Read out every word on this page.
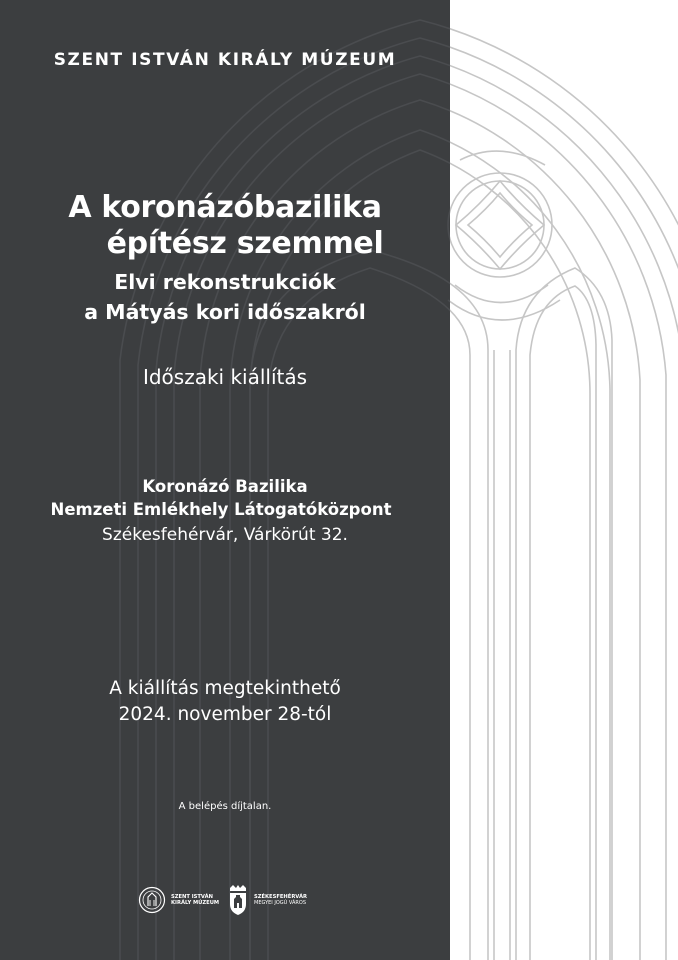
SZENT ISTVÁN KIRÁLY MÚZEUM
A koronázóbazilika
építész szemmel
Elvi rekonstrukciók
a Mátyás kori időszakról
Időszaki kiállítás
Koronázó Bazilika
Nemzeti Emlékhely Látogatóközpont
Székesfehérvár, Várkörút 32.
A kiállítás megtekinthető
2024. november 28-tól
A belépés díjtalan.
SZENT ISTVÁN
KIRÁLY MÚZEUM
SZÉKESFEHÉRVÁR
MEGYEI JOGÚ VÁROS
